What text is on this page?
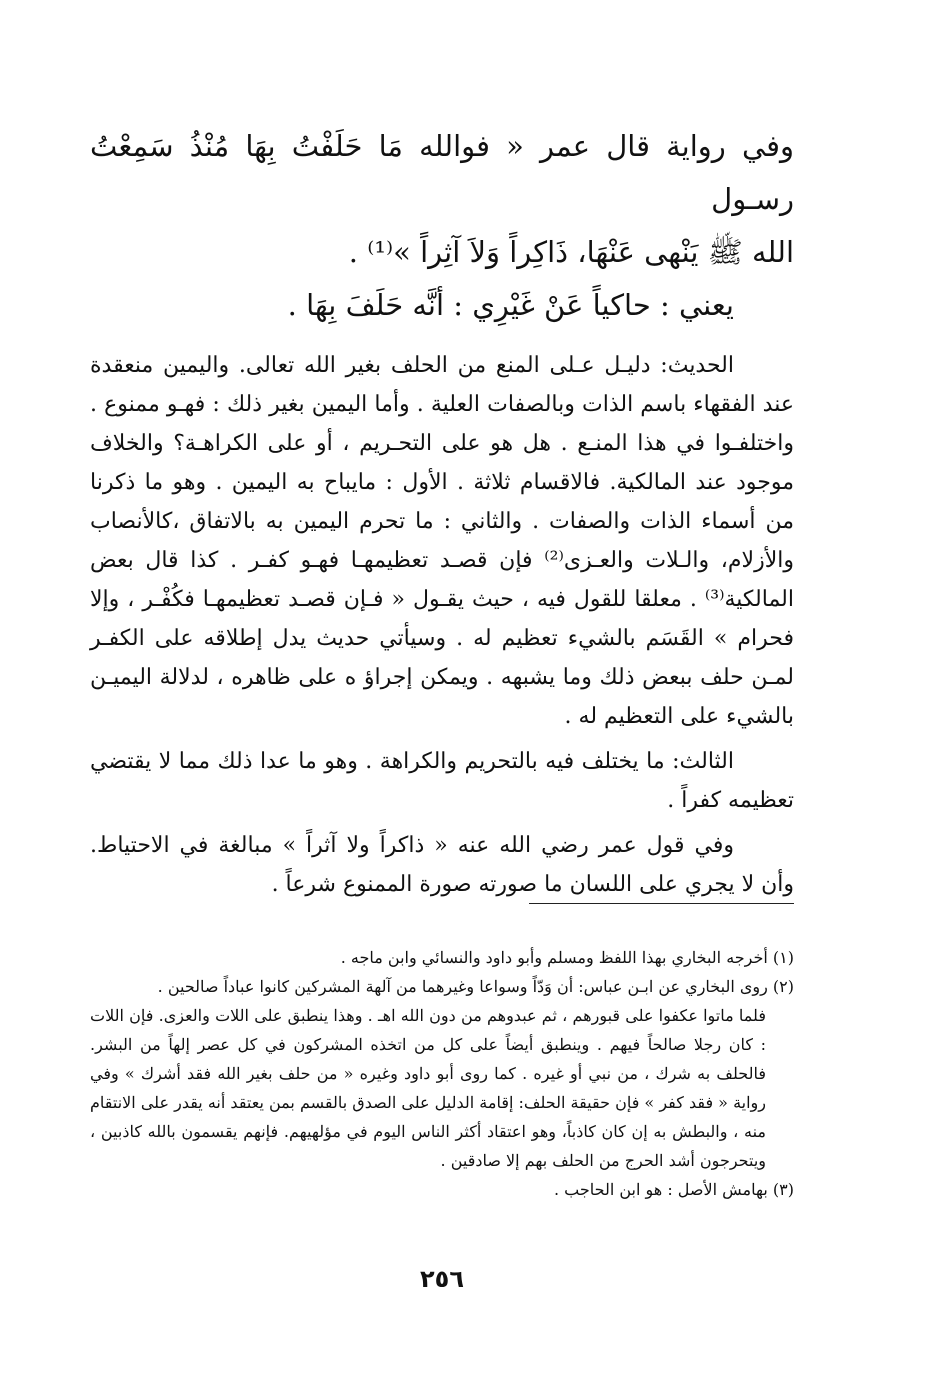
وفي رواية قال عمر « فوالله مَا حَلَفْتُ بِهَا مُنْذُ سَمِعْتُ رسـول
الله ﷺ يَنْهى عَنْهَا، ذَاكِراً وَلاَ آثِراً »⁽¹⁾ .
يعني : حاكياً عَنْ غَيْرِي : أنَّه حَلَفَ بِهَا .

الحديث: دليـل عـلى المنع من الحلف بغير الله تعالى. واليمين منعقدة عند الفقهاء باسم الذات وبالصفات العلية . وأما اليمين بغير ذلك : فهـو ممنوع . واختلفـوا في هذا المنـع . هل هو على التحـريم ، أو على الكراهـة؟ والخلاف موجود عند المالكية. فالاقسام ثلاثة . الأول : مايباح به اليمين . وهو ما ذكرنا من أسماء الذات والصفات . والثاني : ما تحرم اليمين به بالاتفاق ،كالأنصاب والأزلام، والـلات والعـزى⁽²⁾ فإن قصـد تعظيمهـا فهـو كفـر . كذا قال بعض المالكية⁽³⁾ . معلقا للقول فيه ، حيث يقـول « فـإن قصـد تعظيمهـا فكُفْـر ، وإلا فحرام » القَسَم بالشيء تعظيم له . وسيأتي حديث يدل إطلاقه على الكفـر لمـن حلف ببعض ذلك وما يشبهه . ويمكن إجراؤ ه على ظاهره ، لدلالة اليميـن بالشيء على التعظيم له .

الثالث: ما يختلف فيه بالتحريم والكراهة . وهو ما عدا ذلك مما لا يقتضي تعظيمه كفراً .

وفي قول عمر رضي الله عنه « ذاكراً ولا آثراً » مبالغة في الاحتياط. وأن لا يجري على اللسان ما صورته صورة الممنوع شرعاً .

(١) أخرجه البخاري بهذا اللفظ ومسلم وأبو داود والنسائي وابن ماجه .

(٢) روى البخاري عن ابـن عباس: أن وَدّاً وسواعا وغيرهما من آلهة المشركين كانوا عباداً صالحين .

فلما ماتوا عكفوا على قبورهم ، ثم عبدوهم من دون الله اهـ . وهذا ينطبق على اللات والعزى. فإن اللات : كان رجلا صالحاً فيهم . وينطبق أيضاً على كل من اتخذه المشركون في كل عصر إلهاً من البشر. فالحلف به شرك ، من نبي أو غيره . كما روى أبو داود وغيره « من حلف بغير الله فقد أشرك » وفي رواية « فقد كفر » فإن حقيقة الحلف: إقامة الدليل على الصدق بالقسم بمن يعتقد أنه يقدر على الانتقام منه ، والبطش به إن كان كاذباً، وهو اعتقاد أكثر الناس اليوم في مؤلهيهم. فإنهم يقسمون بالله كاذبين ، ويتحرجون أشد الحرج من الحلف بهم إلا صادقين .

(٣) بهامش الأصل : هو ابن الحاجب .

٢٥٦
